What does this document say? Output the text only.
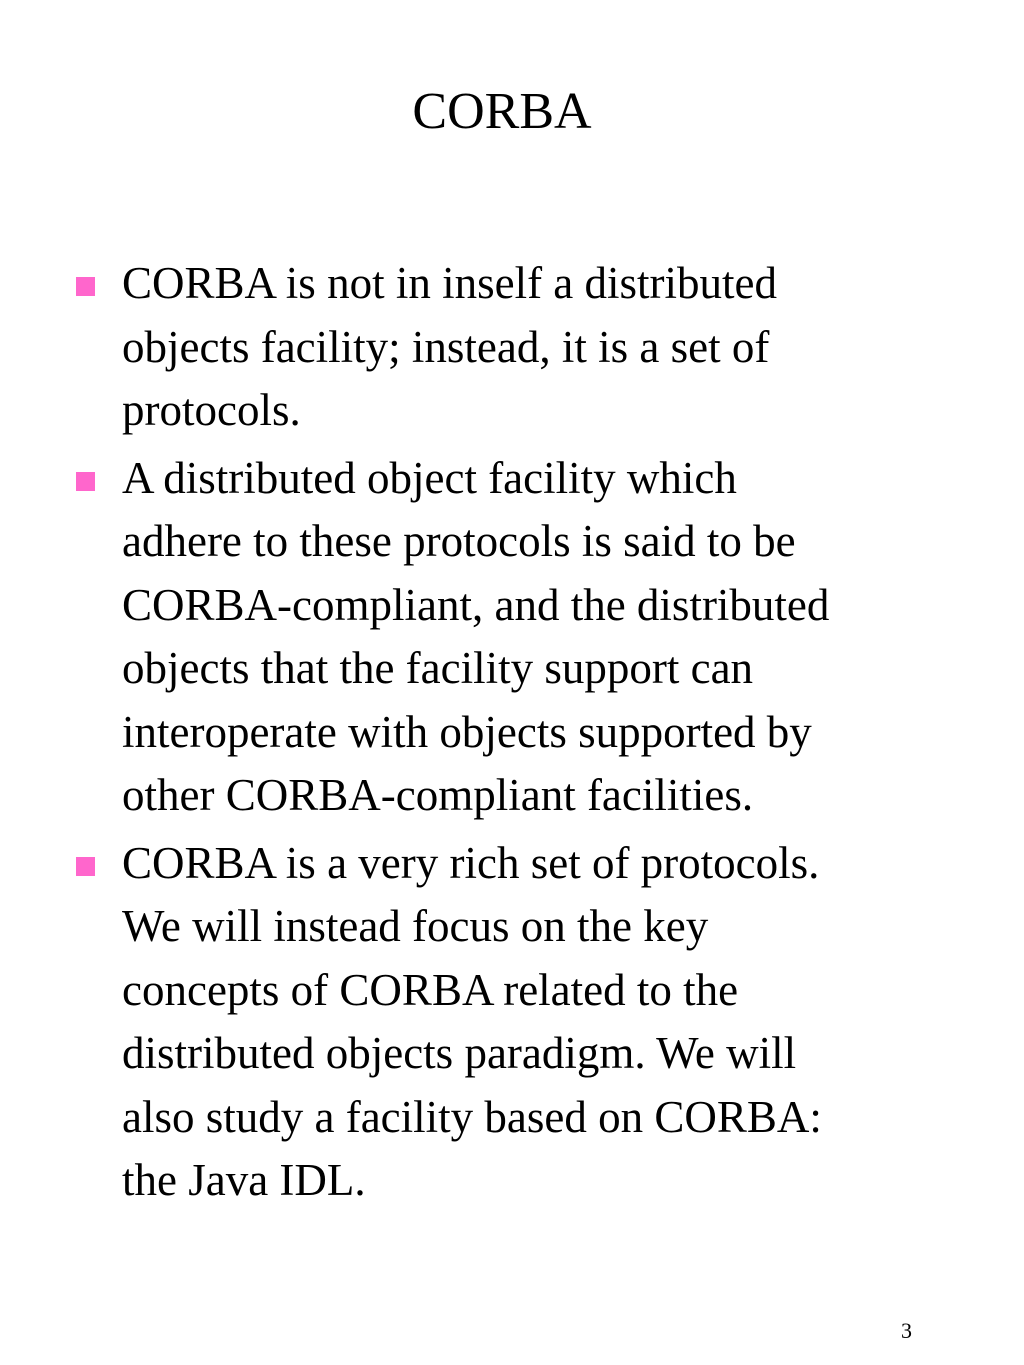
CORBA
CORBA is not in inself a distributed
objects facility; instead, it is a set of
protocols.
A distributed object facility which
adhere to these protocols is said to be
CORBA-compliant, and the distributed
objects that the facility support can
interoperate with objects supported by
other CORBA-compliant facilities.
CORBA is a very rich set of protocols.
We will instead focus on the key
concepts of CORBA related to the
distributed objects paradigm. We will
also study a facility based on CORBA:
the Java IDL.
3
